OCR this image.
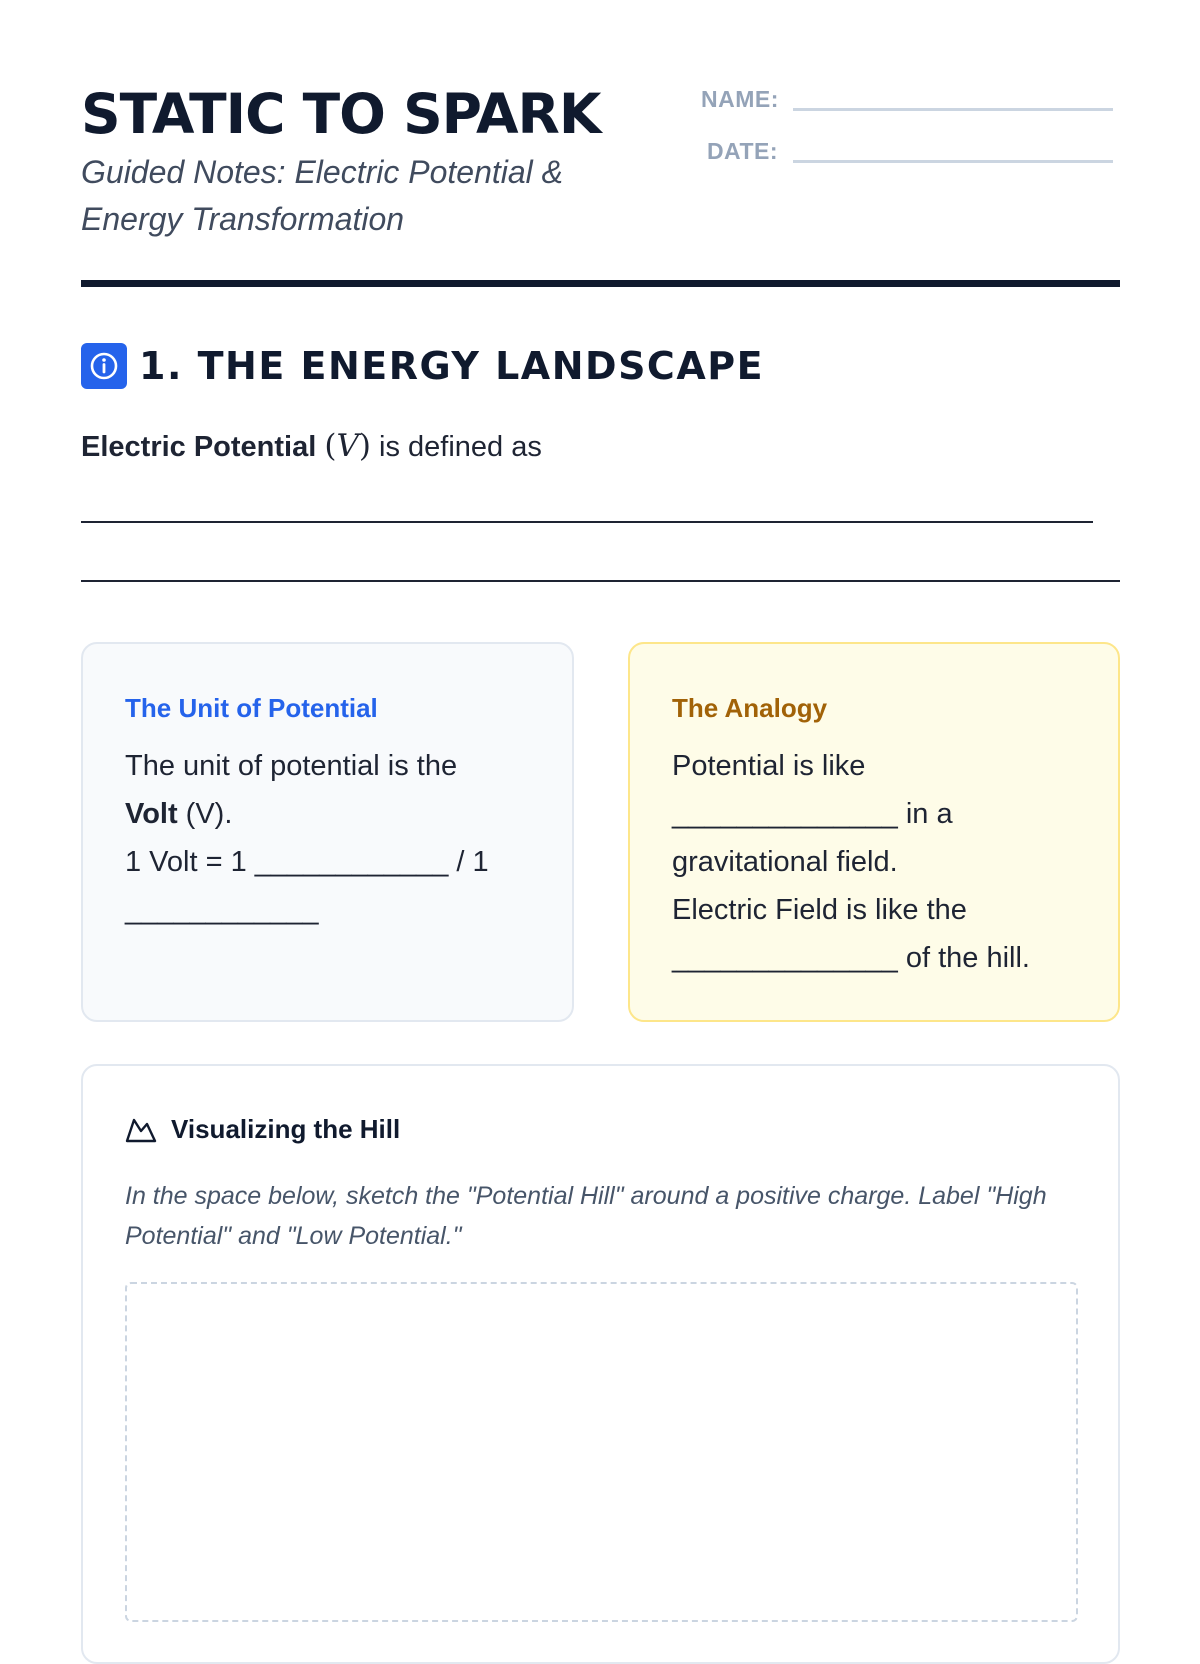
STATIC TO SPARK

Guided Notes: Electric Potential & Energy Transformation

NAME:
DATE:
1. THE ENERGY LANDSCAPE
Electric Potential (V) is defined as
The Unit of Potential
The unit of potential is the
Volt (V).
1 Volt = 1 ____________ / 1
____________
The Analogy
Potential is like
______________ in a
gravitational field.
Electric Field is like the
______________ of the hill.
Visualizing the Hill
In the space below, sketch the "Potential Hill" around a positive charge. Label "High Potential" and "Low Potential."
